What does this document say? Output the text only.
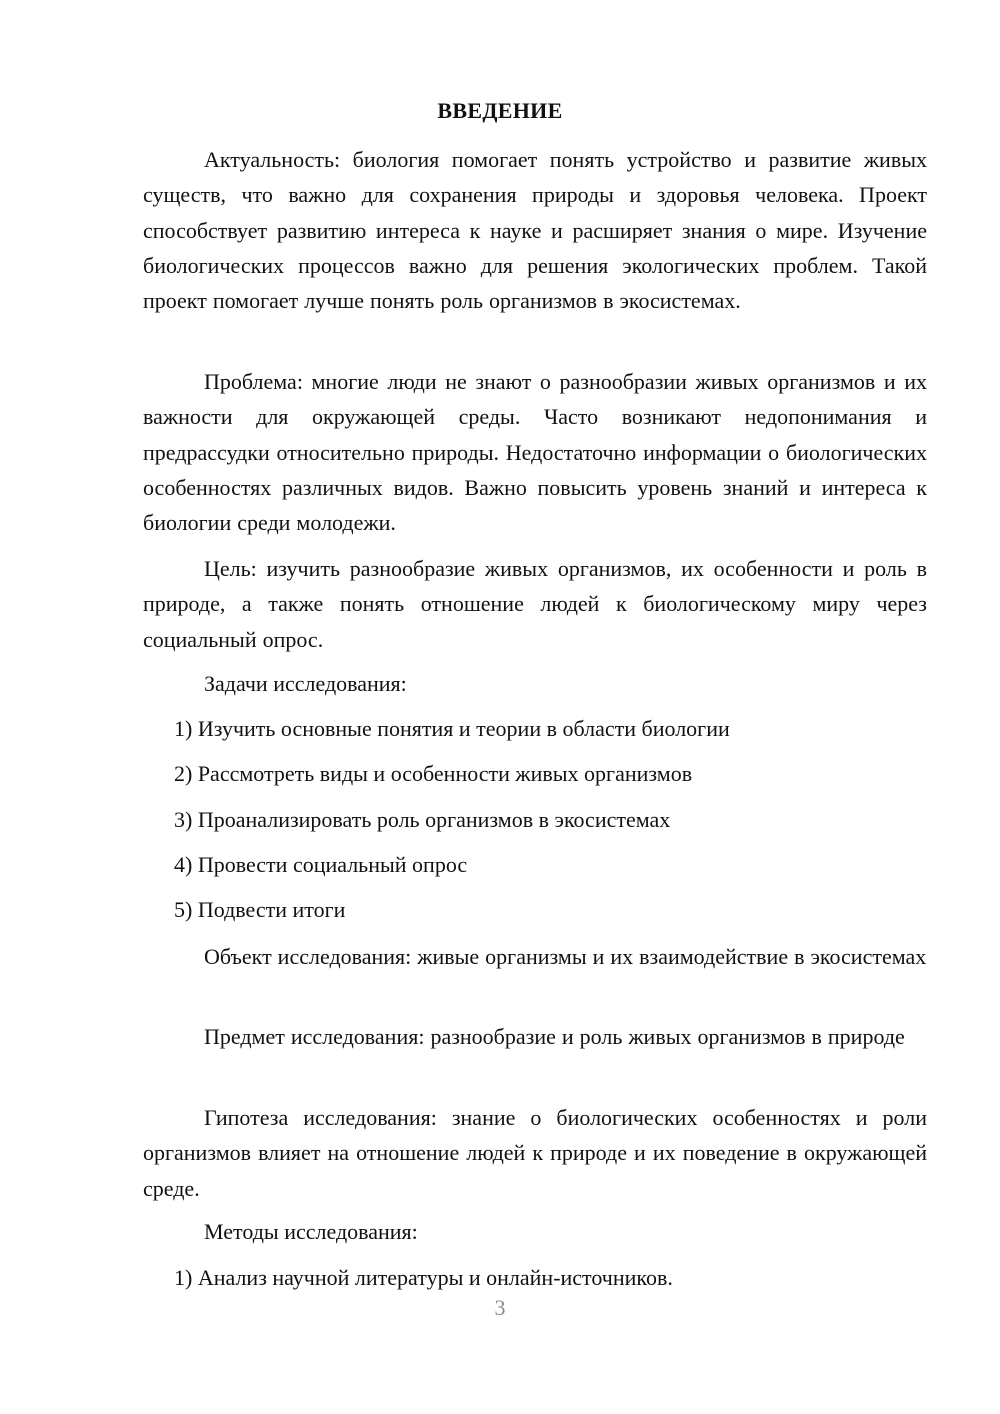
ВВЕДЕНИЕ

Актуальность: биология помогает понять устройство и развитие живых существ, что важно для сохранения природы и здоровья человека. Проект способствует развитию интереса к науке и расширяет знания о мире. Изучение биологических процессов важно для решения экологических проблем. Такой проект помогает лучше понять роль организмов в экосистемах.

Проблема: многие люди не знают о разнообразии живых организмов и их важности для окружающей среды. Часто возникают недопонимания и предрассудки относительно природы. Недостаточно информации о биологических особенностях различных видов. Важно повысить уровень знаний и интереса к биологии среди молодежи.

Цель: изучить разнообразие живых организмов, их особенности и роль в природе, а также понять отношение людей к биологическому миру через социальный опрос.

Задачи исследования:

1) Изучить основные понятия и теории в области биологии

2) Рассмотреть виды и особенности живых организмов

3) Проанализировать роль организмов в экосистемах

4) Провести социальный опрос

5) Подвести итоги

Объект исследования: живые организмы и их взаимодействие в экосистемах

Предмет исследования: разнообразие и роль живых организмов в природе

Гипотеза исследования: знание о биологических особенностях и роли организмов влияет на отношение людей к природе и их поведение в окружающей среде.

Методы исследования:

1) Анализ научной литературы и онлайн-источников.

3
